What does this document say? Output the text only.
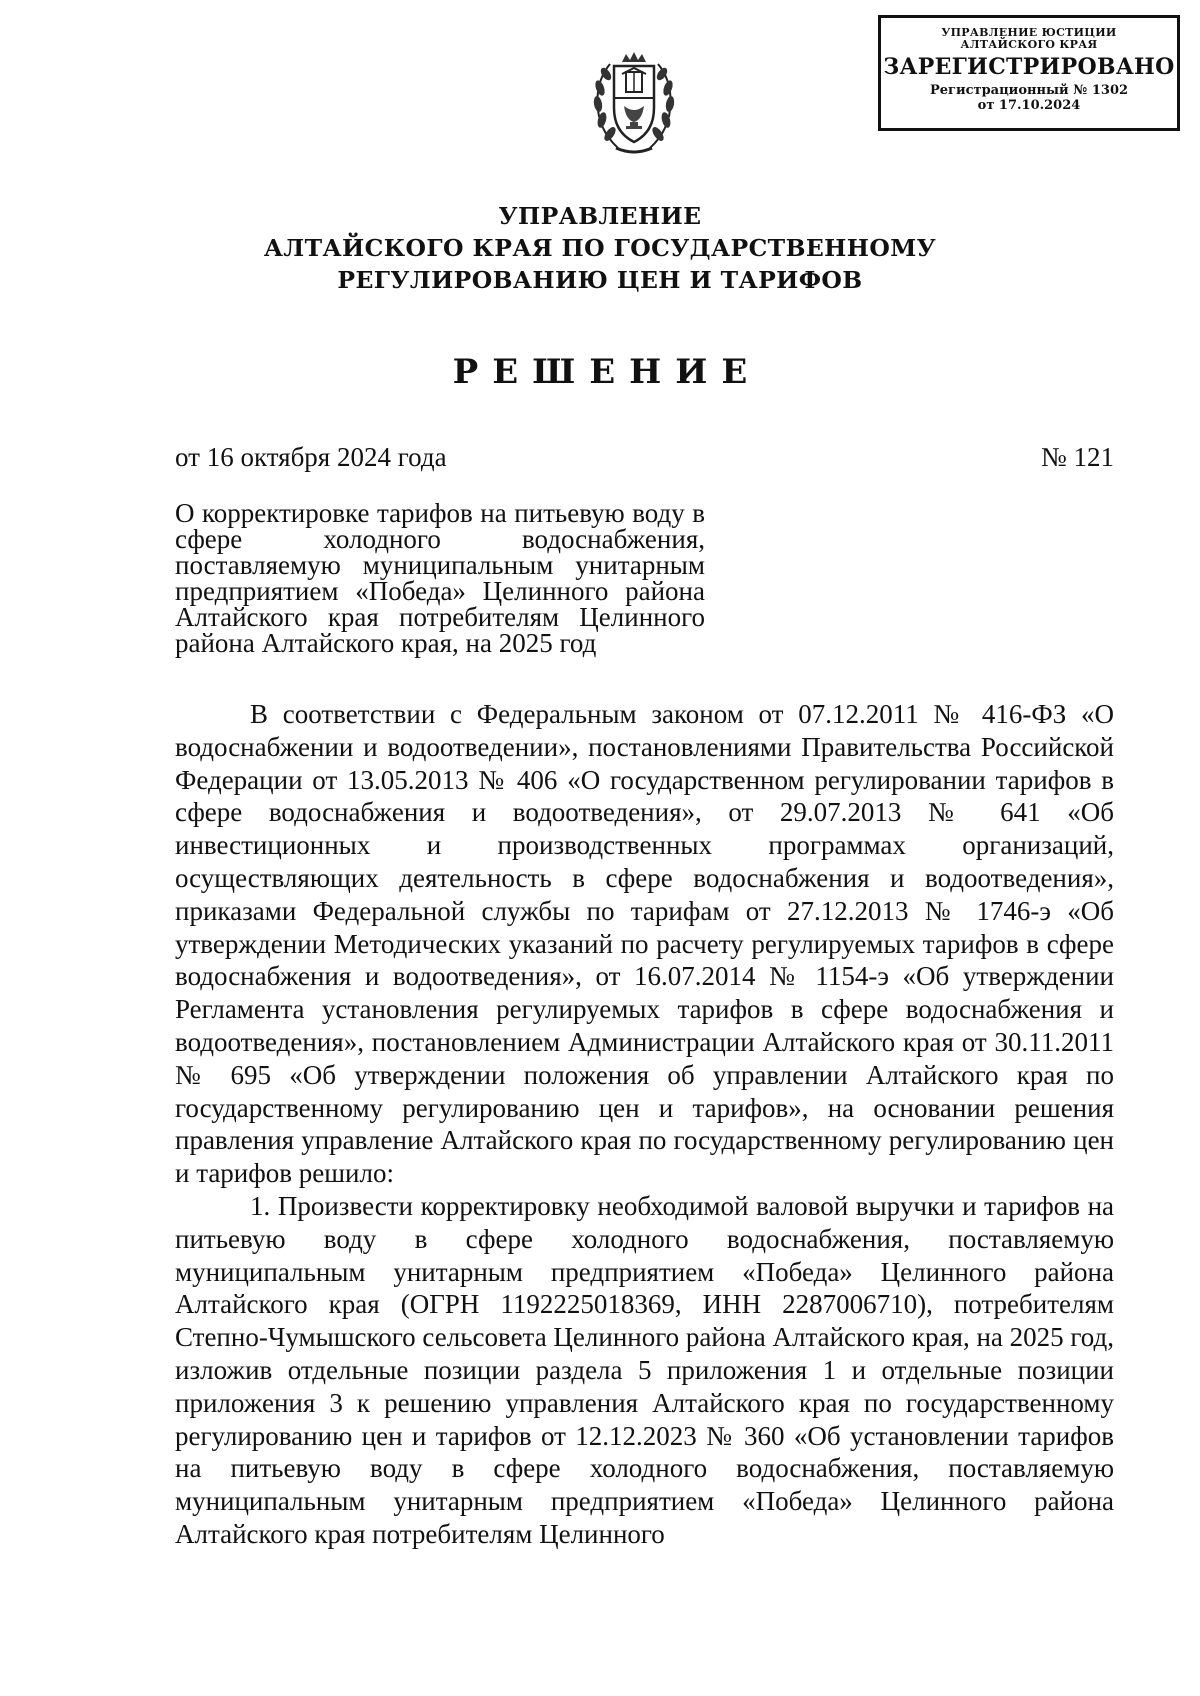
УПРАВЛЕНИЕ ЮСТИЦИИ
АЛТАЙСКОГО КРАЯ
ЗАРЕГИСТРИРОВАНО
Регистрационный № 1302
от 17.10.2024
УПРАВЛЕНИЕ
АЛТАЙСКОГО КРАЯ ПО ГОСУДАРСТВЕННОМУ
РЕГУЛИРОВАНИЮ ЦЕН И ТАРИФОВ
РЕШЕНИЕ
от 16 октября 2024 года	№ 121
О корректировке тарифов на питьевую воду в сфере холодного водоснабжения, поставляемую муниципальным унитарным предприятием «Победа» Целинного района Алтайского края потребителям Целинного района Алтайского края, на 2025 год

В соответствии с Федеральным законом от 07.12.2011 № 416-ФЗ «О водоснабжении и водоотведении», постановлениями Правительства Российской Федерации от 13.05.2013 № 406 «О государственном регулировании тарифов в сфере водоснабжения и водоотведения», от 29.07.2013 № 641 «Об инвестиционных и производственных программах организаций, осуществляющих деятельность в сфере водоснабжения и водоотведения», приказами Федеральной службы по тарифам от 27.12.2013 № 1746-э «Об утверждении Методических указаний по расчету регулируемых тарифов в сфере водоснабжения и водоотведения», от 16.07.2014 № 1154-э «Об утверждении Регламента установления регулируемых тарифов в сфере водоснабжения и водоотведения», постановлением Администрации Алтайского края от 30.11.2011 № 695 «Об утверждении положения об управлении Алтайского края по государственному регулированию цен и тарифов», на основании решения правления управление Алтайского края по государственному регулированию цен и тарифов решило:

1. Произвести корректировку необходимой валовой выручки и тарифов на питьевую воду в сфере холодного водоснабжения, поставляемую муниципальным унитарным предприятием «Победа» Целинного района Алтайского края (ОГРН 1192225018369, ИНН 2287006710), потребителям Степно-Чумышского сельсовета Целинного района Алтайского края, на 2025 год, изложив отдельные позиции раздела 5 приложения 1 и отдельные позиции приложения 3 к решению управления Алтайского края по государственному регулированию цен и тарифов от 12.12.2023 № 360 «Об установлении тарифов на питьевую воду в сфере холодного водоснабжения, поставляемую муниципальным унитарным предприятием «Победа» Целинного района Алтайского края потребителям Целинного
